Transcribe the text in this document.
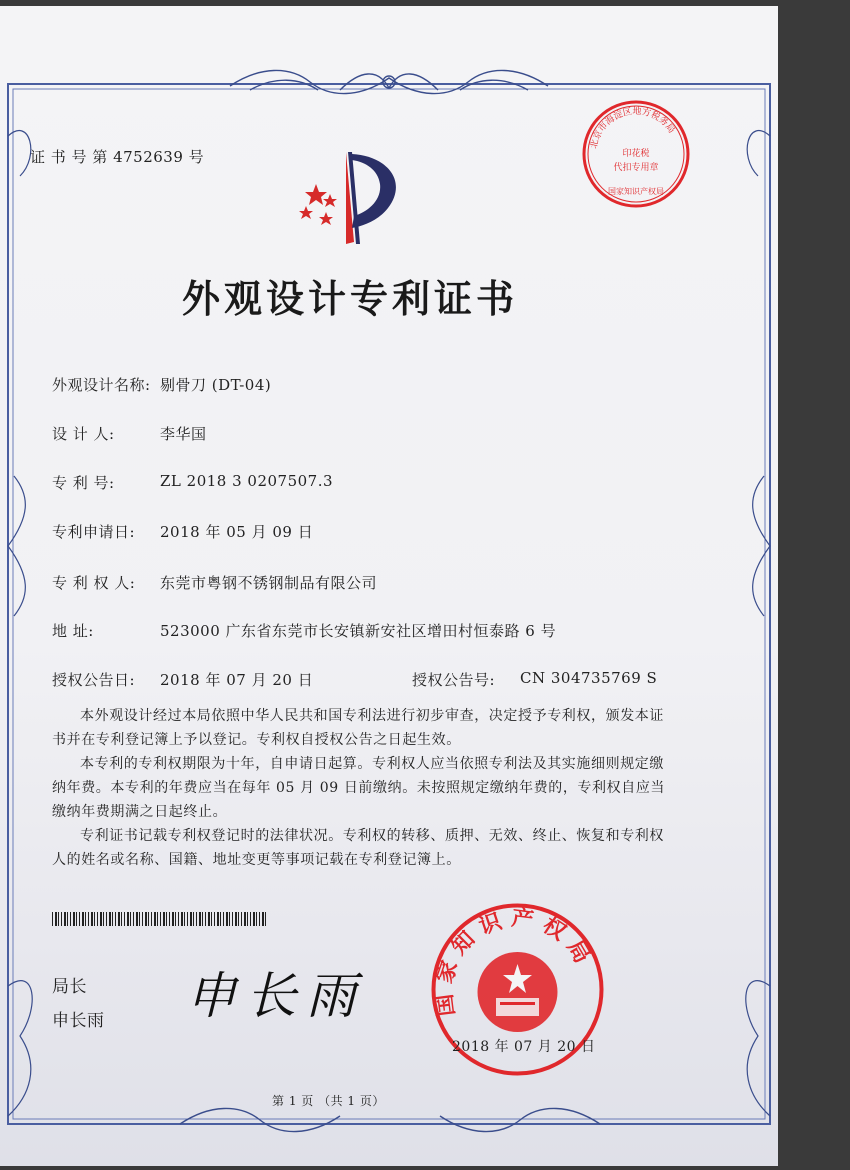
证 书 号 第 4752639 号
北京市海淀区地方税务局
印花税
代扣专用章
国家知识产权局
外观设计专利证书
外观设计名称: 剔骨刀 (DT-04)
设 计 人:	李华国
专 利 号:	ZL 2018 3 0207507.3
专利申请日: 2018 年 05 月 09 日
专 利 权 人: 东莞市粤钢不锈钢制品有限公司
地 址:	523000 广东省东莞市长安镇新安社区增田村恒泰路 6 号
授权公告日: 2018 年 07 月 20 日	授权公告号: CN 304735769 S
本外观设计经过本局依照中华人民共和国专利法进行初步审查，决定授予专利权，颁发本证书并在专利登记簿上予以登记。专利权自授权公告之日起生效。
本专利的专利权期限为十年，自申请日起算。专利权人应当依照专利法及其实施细则规定缴纳年费。本专利的年费应当在每年 05 月 09 日前缴纳。未按照规定缴纳年费的，专利权自应当缴纳年费期满之日起终止。
专利证书记载专利权登记时的法律状况。专利权的转移、质押、无效、终止、恢复和专利权人的姓名或名称、国籍、地址变更等事项记载在专利登记簿上。
局长
申长雨 申长雨	国家知识产权局
2018 年 07 月 20 日
第 1 页 （共 1 页）
